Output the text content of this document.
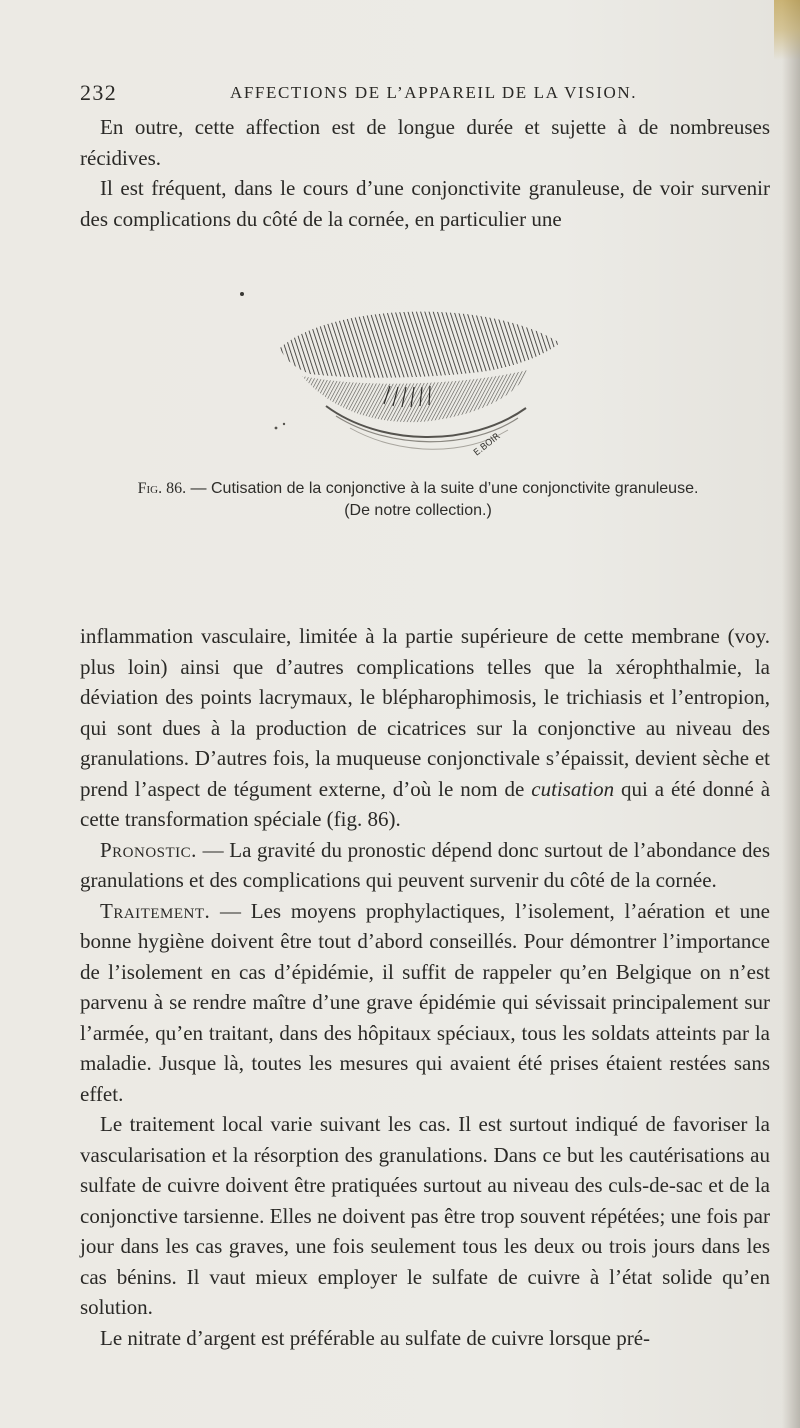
232	AFFECTIONS DE L’APPAREIL DE LA VISION.

En outre, cette affection est de longue durée et sujette à de nombreuses récidives.

Il est fréquent, dans le cours d’une conjonctivite granuleuse, de voir survenir des complications du côté de la cornée, en particulier une

E.BOIR
Fig. 86. — Cutisation de la conjonctive à la suite d’une conjonctivite granuleuse.
(De notre collection.)

inflammation vasculaire, limitée à la partie supérieure de cette membrane (voy. plus loin) ainsi que d’autres complications telles que la xérophthalmie, la déviation des points lacrymaux, le blépharophimosis, le trichiasis et l’entropion, qui sont dues à la production de cicatrices sur la conjonctive au niveau des granulations. D’autres fois, la muqueuse conjonctivale s’épaissit, devient sèche et prend l’aspect de tégument externe, d’où le nom de cutisation qui a été donné à cette transformation spéciale (fig. 86).

Pronostic. — La gravité du pronostic dépend donc surtout de l’abondance des granulations et des complications qui peuvent survenir du côté de la cornée.

Traitement. — Les moyens prophylactiques, l’isolement, l’aération et une bonne hygiène doivent être tout d’abord conseillés. Pour démontrer l’importance de l’isolement en cas d’épidémie, il suffit de rappeler qu’en Belgique on n’est parvenu à se rendre maître d’une grave épidémie qui sévissait principalement sur l’armée, qu’en traitant, dans des hôpitaux spéciaux, tous les soldats atteints par la maladie. Jusque là, toutes les mesures qui avaient été prises étaient restées sans effet.

Le traitement local varie suivant les cas. Il est surtout indiqué de favoriser la vascularisation et la résorption des granulations. Dans ce but les cautérisations au sulfate de cuivre doivent être pratiquées surtout au niveau des culs-de-sac et de la conjonctive tarsienne. Elles ne doivent pas être trop souvent répétées; une fois par jour dans les cas graves, une fois seulement tous les deux ou trois jours dans les cas bénins. Il vaut mieux employer le sulfate de cuivre à l’état solide qu’en solution.

Le nitrate d’argent est préférable au sulfate de cuivre lorsque pré-
